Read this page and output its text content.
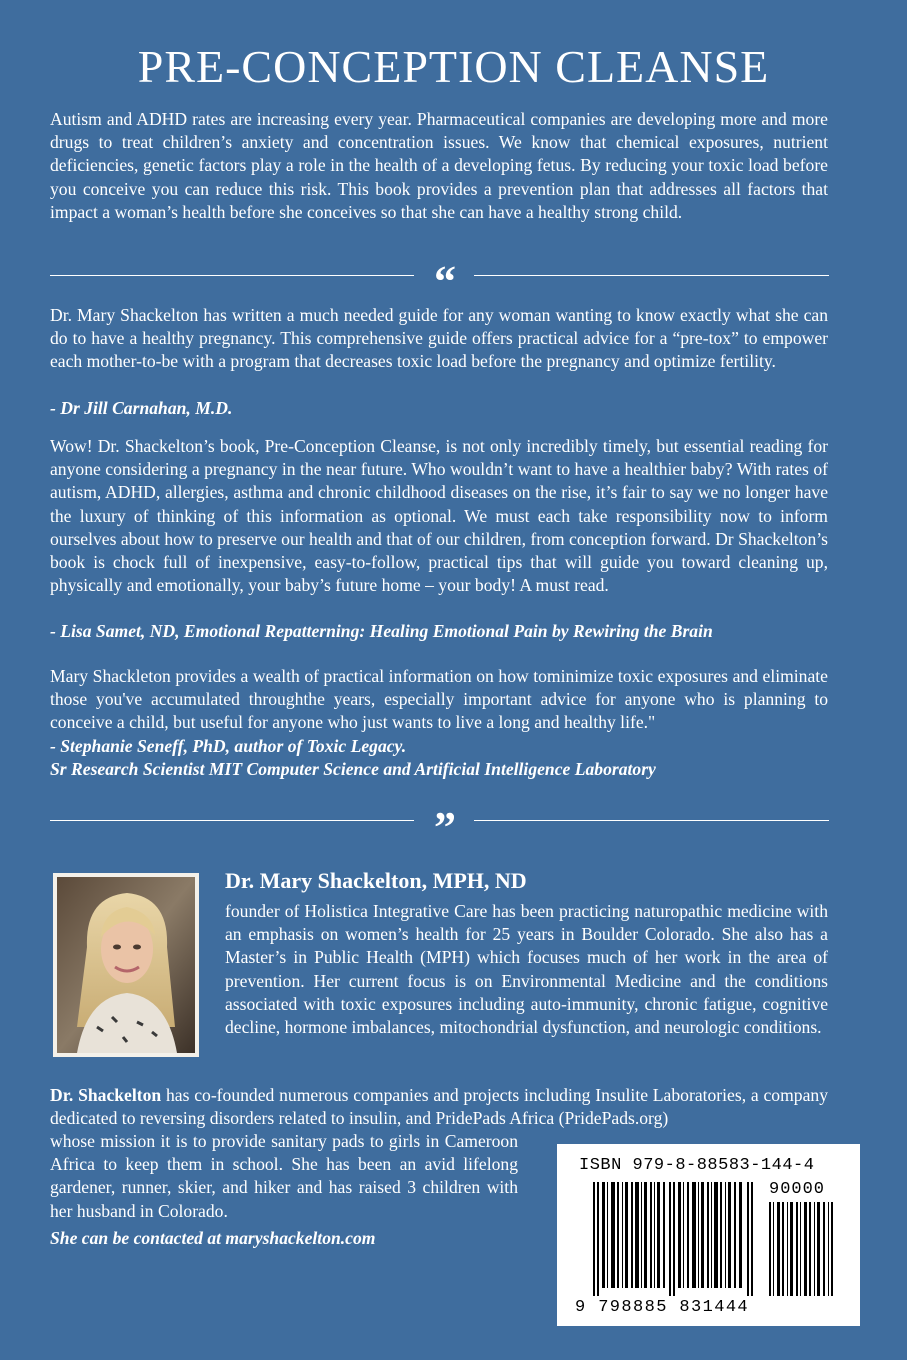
PRE-CONCEPTION CLEANSE

Autism and ADHD rates are increasing every year. Pharmaceutical companies are developing more and more drugs to treat children’s anxiety and concentration issues. We know that chemical exposures, nutrient deficiencies, genetic factors play a role in the health of a developing fetus. By reducing your toxic load before you conceive you can reduce this risk. This book provides a prevention plan that addresses all factors that impact a woman’s health before she conceives so that she can have a healthy strong child.

“

Dr. Mary Shackelton has written a much needed guide for any woman wanting to know exactly what she can do to have a healthy pregnancy. This comprehensive guide offers practical advice for a “pre-tox” to empower each mother-to-be with a program that decreases toxic load before the pregnancy and optimize fertility.

- Dr Jill Carnahan, M.D.

Wow! Dr. Shackelton’s book, Pre-Conception Cleanse, is not only incredibly timely, but essential reading for anyone considering a pregnancy in the near future. Who wouldn’t want to have a healthier baby? With rates of autism, ADHD, allergies, asthma and chronic childhood diseases on the rise, it’s fair to say we no longer have the luxury of thinking of this information as optional. We must each take responsibility now to inform ourselves about how to preserve our health and that of our children, from conception forward. Dr Shackelton’s book is chock full of inexpensive, easy-to-follow, practical tips that will guide you toward cleaning up, physically and emotionally, your baby’s future home – your body! A must read.

- Lisa Samet, ND, Emotional Repatterning: Healing Emotional Pain by Rewiring the Brain

Mary Shackleton provides a wealth of practical information on how tominimize toxic exposures and eliminate those you've accumulated throughthe years, especially important advice for anyone who is planning to conceive a child, but useful for anyone who just wants to live a long and healthy life."

- Stephanie Seneff, PhD, author of Toxic Legacy.

Sr Research Scientist MIT Computer Science and Artificial Intelligence Laboratory

”
Dr. Mary Shackelton, MPH, ND

founder of Holistica Integrative Care has been practicing naturopathic medicine with an emphasis on women’s health for 25 years in Boulder Colorado. She also has a Master’s in Public Health (MPH) which focuses much of her work in the area of prevention. Her current focus is on Environmental Medicine and the conditions associated with toxic exposures including auto-immunity, chronic fatigue, cognitive decline, hormone imbalances, mitochondrial dysfunction, and neurologic conditions.

Dr. Shackelton has co-founded numerous companies and projects including Insulite Laboratories, a company dedicated to reversing disorders related to insulin, and PridePads Africa (PridePads.org)

whose mission it is to provide sanitary pads to girls in Cameroon Africa to keep them in school. She has been an avid lifelong gardener, runner, skier, and hiker and has raised 3 children with her husband in Colorado.

She can be contacted at maryshackelton.com

ISBN 979-8-88583-144-4
90000
9 798885 831444
